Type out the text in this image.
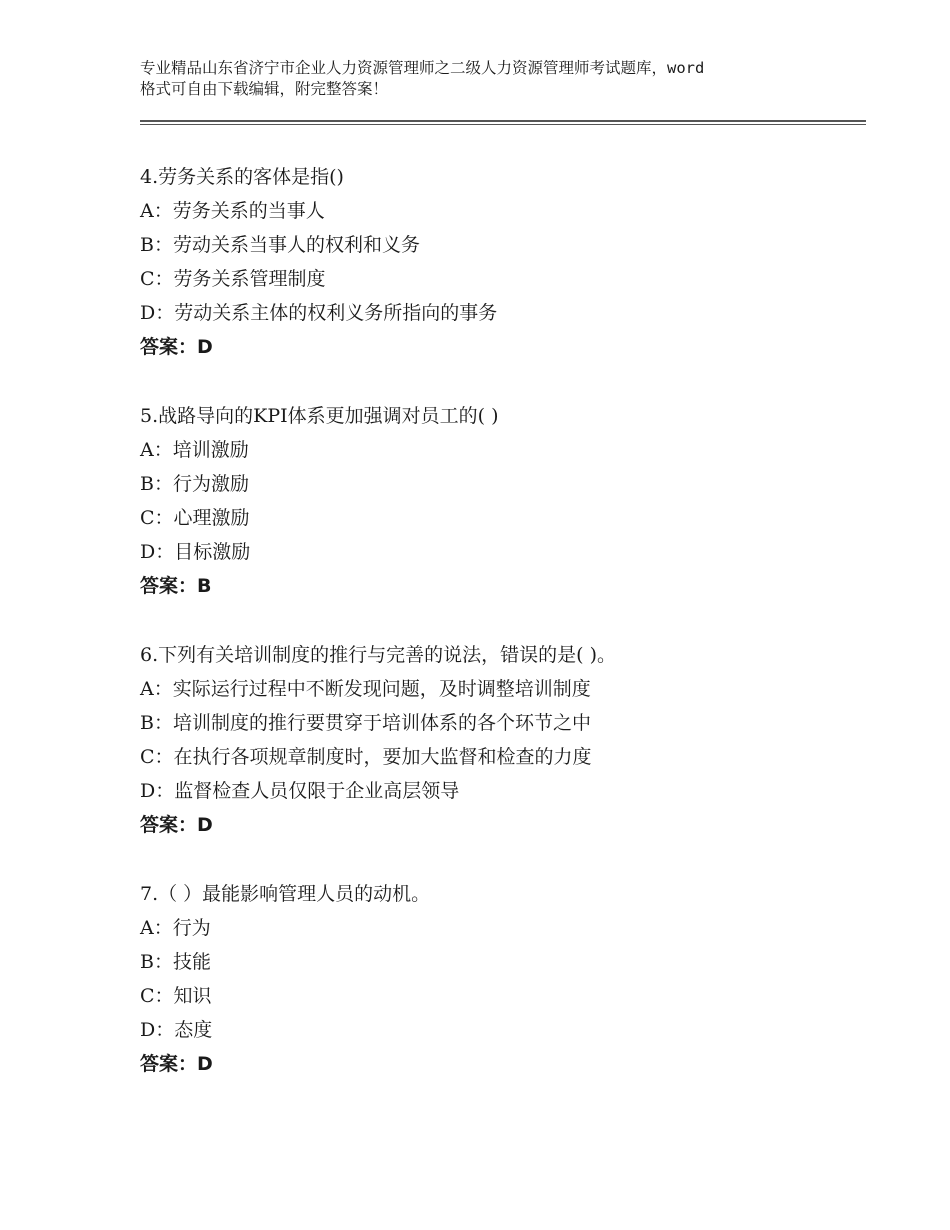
专业精品山东省济宁市企业人力资源管理师之二级人力资源管理师考试题库，word
格式可自由下载编辑，附完整答案！
4.劳务关系的客体是指()
A：劳务关系的当事人
B：劳动关系当事人的权利和义务
C：劳务关系管理制度
D：劳动关系主体的权利义务所指向的事务
答案：D
5.战路导向的KPI体系更加强调对员工的( )
A：培训激励
B：行为激励
C：心理激励
D：目标激励
答案：B
6.下列有关培训制度的推行与完善的说法，错误的是( )。
A：实际运行过程中不断发现问题，及时调整培训制度
B：培训制度的推行要贯穿于培训体系的各个环节之中
C：在执行各项规章制度时，要加大监督和检查的力度
D：监督检查人员仅限于企业高层领导
答案：D
7.（ ）最能影响管理人员的动机。
A：行为
B：技能
C：知识
D：态度
答案：D
